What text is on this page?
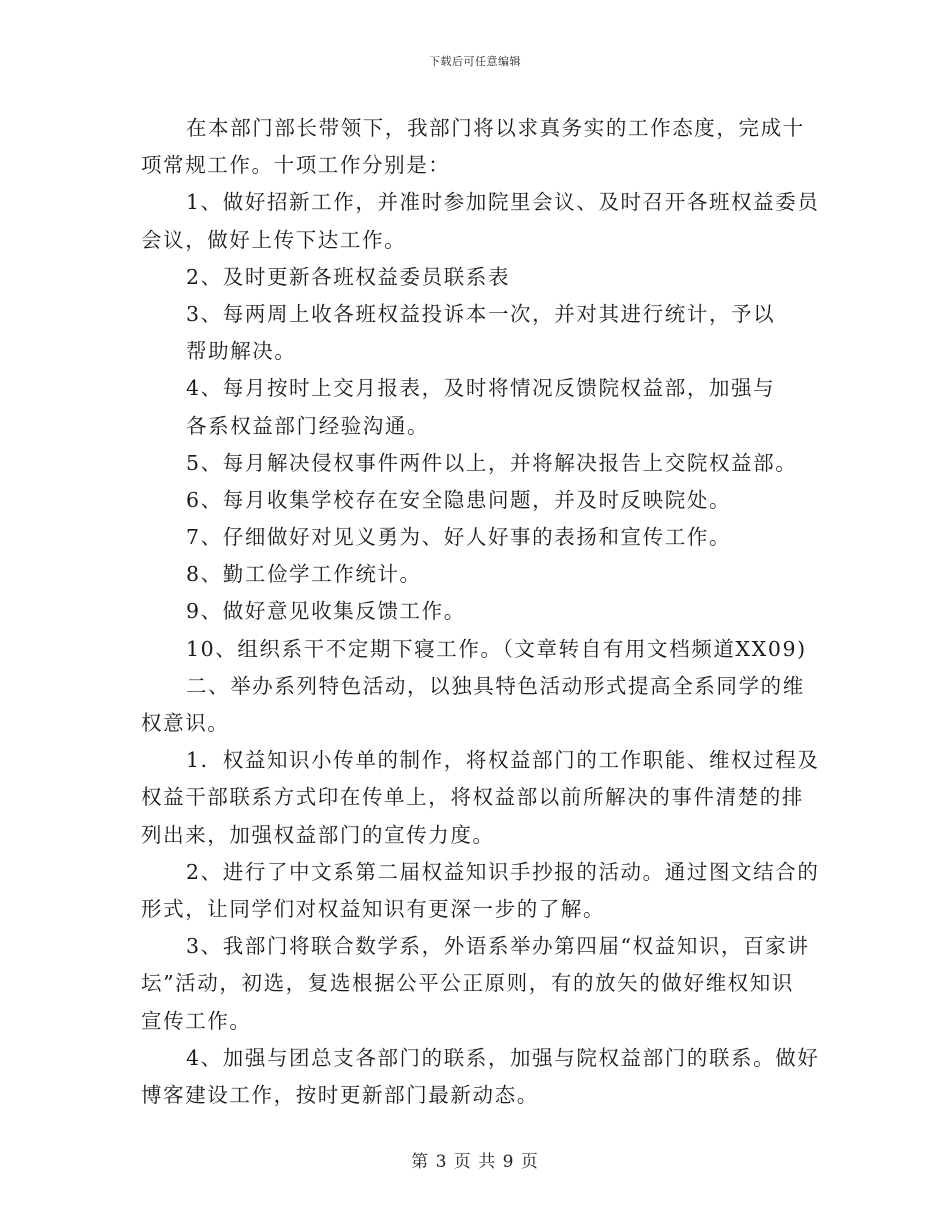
下载后可任意编辑
在本部门部长带领下，我部门将以求真务实的工作态度，完成十
项常规工作。十项工作分别是：
1、做好招新工作，并准时参加院里会议、及时召开各班权益委员
会议，做好上传下达工作。
2、及时更新各班权益委员联系表
3、每两周上收各班权益投诉本一次，并对其进行统计，予以
帮助解决。
4、每月按时上交月报表，及时将情况反馈院权益部，加强与
各系权益部门经验沟通。
5、每月解决侵权事件两件以上，并将解决报告上交院权益部。
6、每月收集学校存在安全隐患问题，并及时反映院处。
7、仔细做好对见义勇为、好人好事的表扬和宣传工作。
8、勤工俭学工作统计。
9、做好意见收集反馈工作。
10、组织系干不定期下寝工作。（文章转自有用文档频道XX09)
二、举办系列特色活动，以独具特色活动形式提高全系同学的维
权意识。
1．权益知识小传单的制作，将权益部门的工作职能、维权过程及
权益干部联系方式印在传单上，将权益部以前所解决的事件清楚的排
列出来，加强权益部门的宣传力度。
2、进行了中文系第二届权益知识手抄报的活动。通过图文结合的
形式，让同学们对权益知识有更深一步的了解。
3、我部门将联合数学系，外语系举办第四届“权益知识，百家讲
坛”活动，初选，复选根据公平公正原则，有的放矢的做好维权知识
宣传工作。
4、加强与团总支各部门的联系，加强与院权益部门的联系。做好
博客建设工作，按时更新部门最新动态。
第 3 页 共 9 页
